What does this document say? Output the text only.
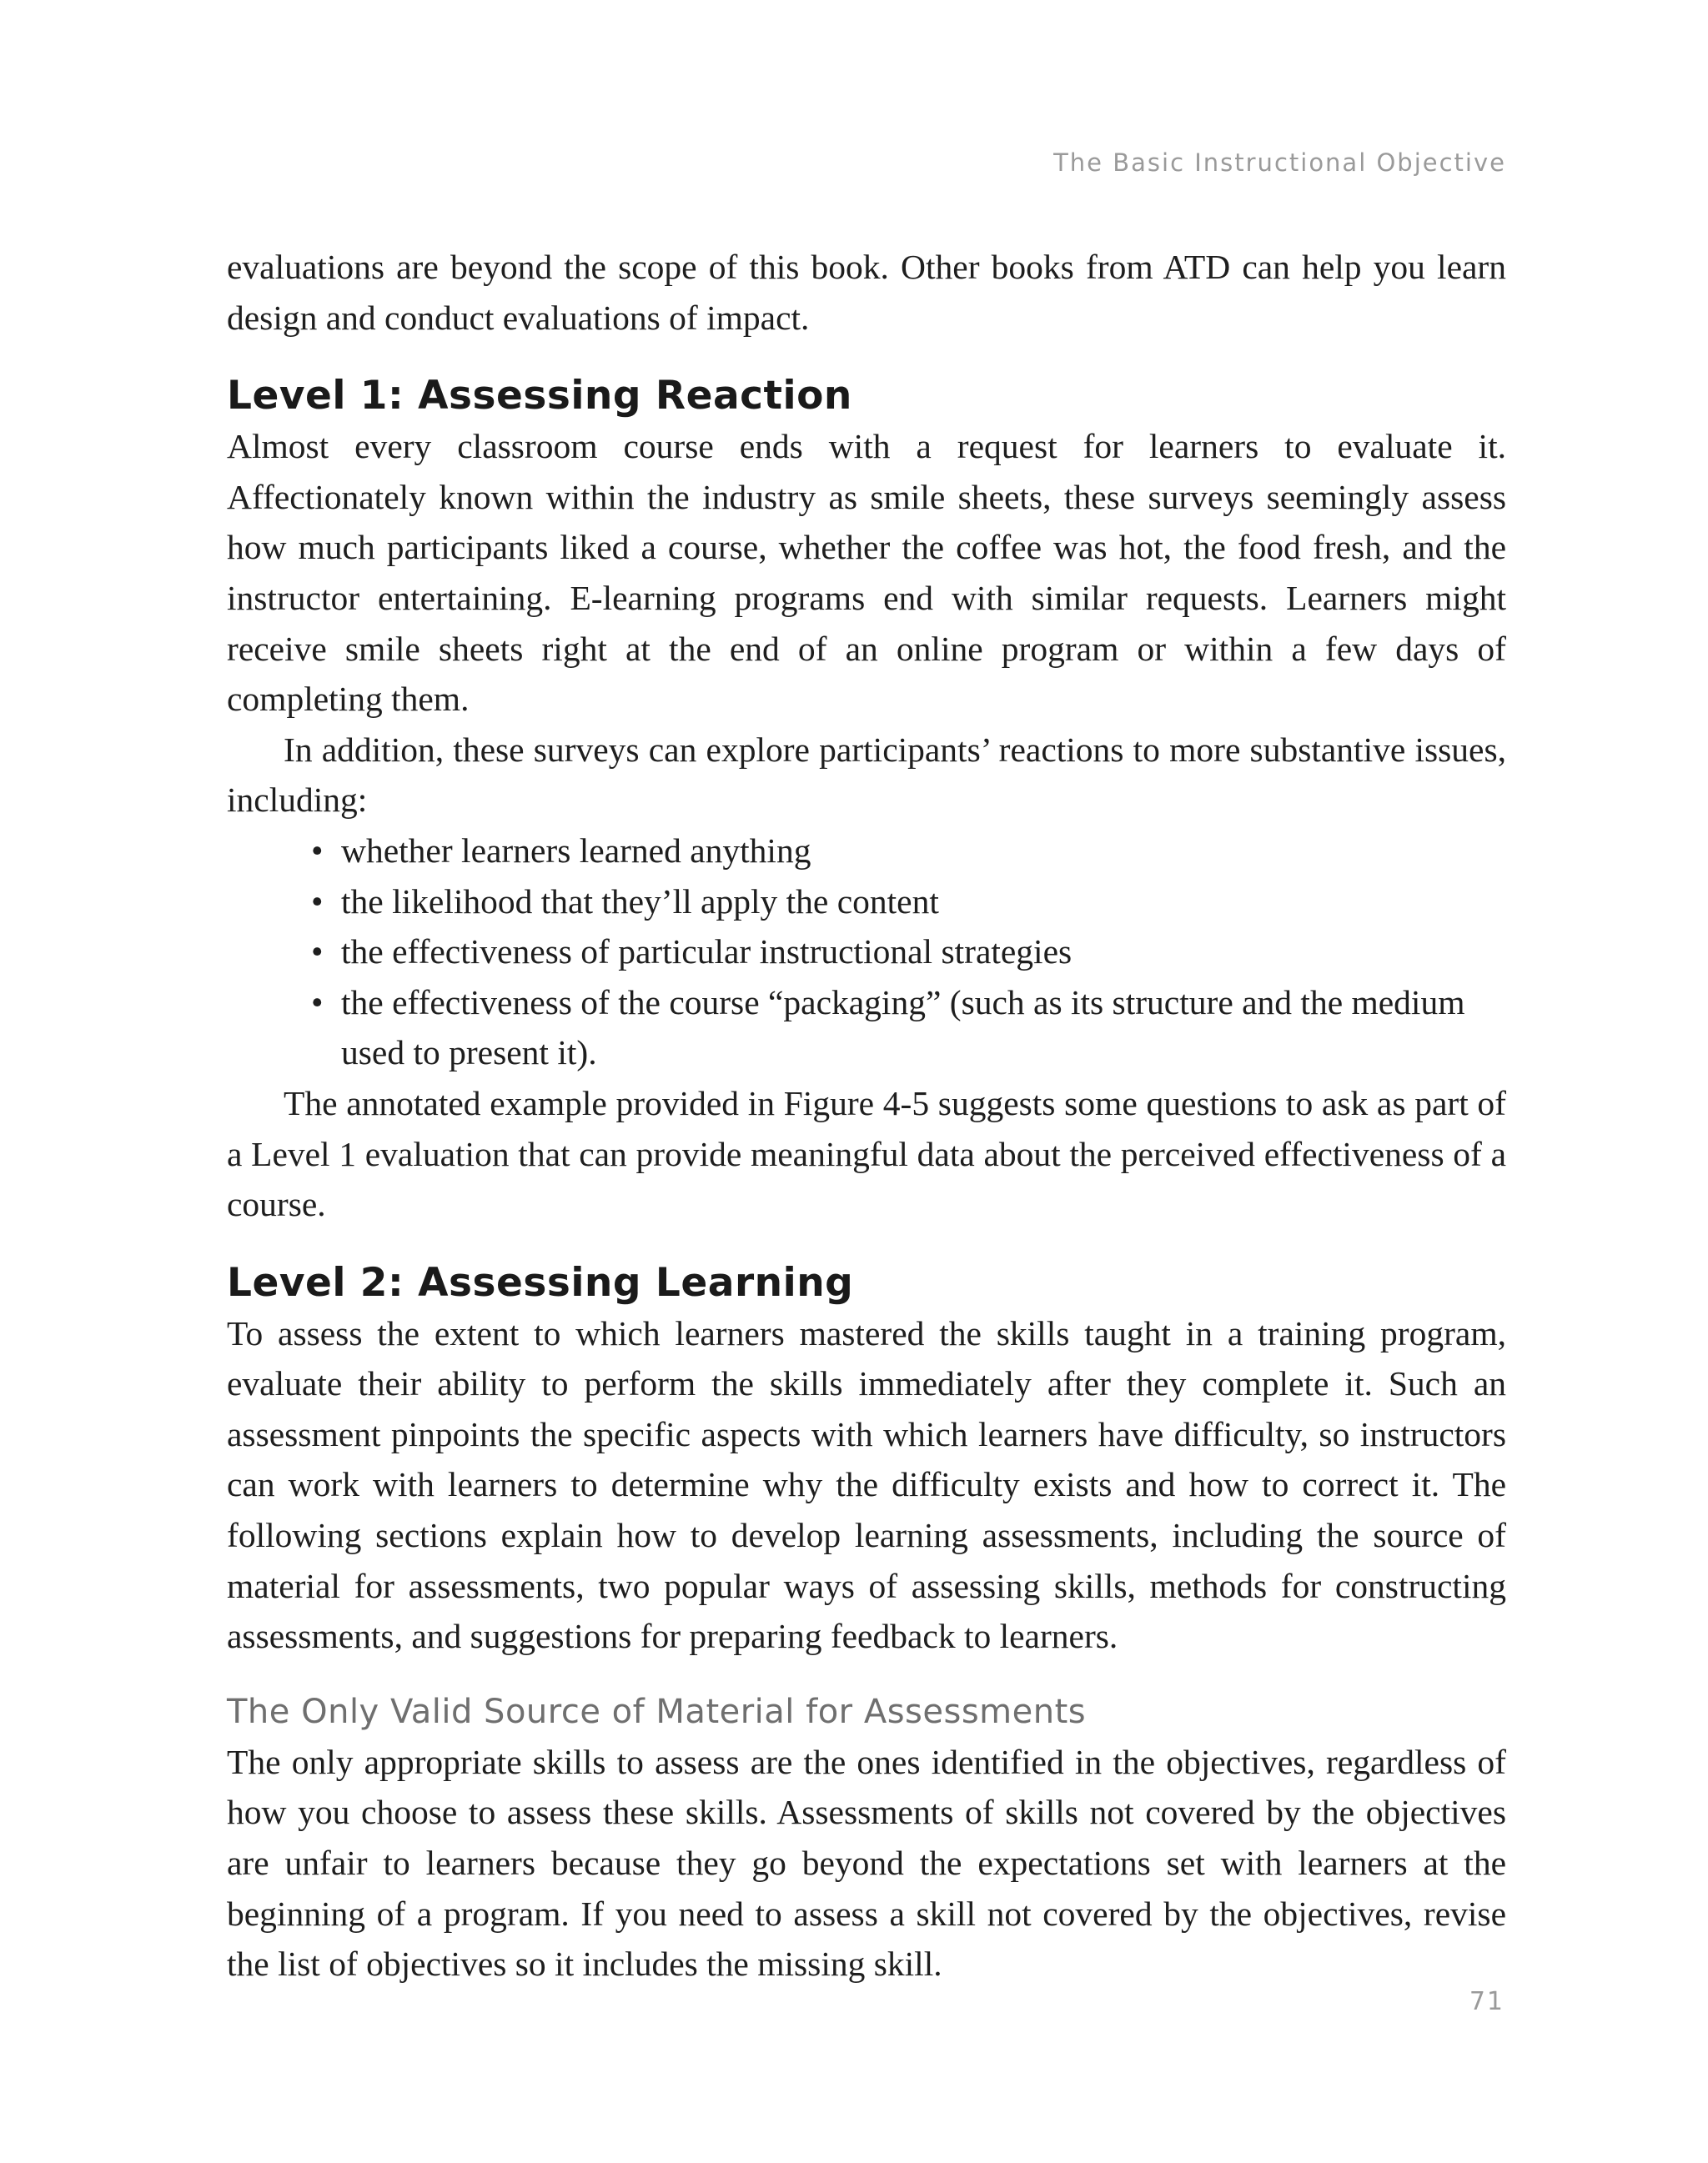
The Basic Instructional Objective

evaluations are beyond the scope of this book. Other books from ATD can help you learn design and conduct evaluations of impact.

Level 1: Assessing Reaction

Almost every classroom course ends with a request for learners to evaluate it. Affectionately known within the industry as smile sheets, these surveys seemingly assess how much participants liked a course, whether the coffee was hot, the food fresh, and the instructor entertaining. E-learning programs end with similar requests. Learners might receive smile sheets right at the end of an online program or within a few days of completing them.

In addition, these surveys can explore participants’ reactions to more substantive issues, including:

• whether learners learned anything
• the likelihood that they’ll apply the content
• the effectiveness of particular instructional strategies
• the effectiveness of the course “packaging” (such as its structure and the medium used to present it).

The annotated example provided in Figure 4-5 suggests some questions to ask as part of a Level 1 evaluation that can provide meaningful data about the perceived effectiveness of a course.

Level 2: Assessing Learning

To assess the extent to which learners mastered the skills taught in a training program, evaluate their ability to perform the skills immediately after they complete it. Such an assessment pinpoints the specific aspects with which learners have difficulty, so instructors can work with learners to determine why the difficulty exists and how to correct it. The following sections explain how to develop learning assessments, including the source of material for assessments, two popular ways of assessing skills, methods for constructing assessments, and suggestions for preparing feedback to learners.

The Only Valid Source of Material for Assessments

The only appropriate skills to assess are the ones identified in the objectives, regardless of how you choose to assess these skills. Assessments of skills not covered by the objectives are unfair to learners because they go beyond the expectations set with learners at the beginning of a program. If you need to assess a skill not covered by the objectives, revise the list of objectives so it includes the missing skill.

71
